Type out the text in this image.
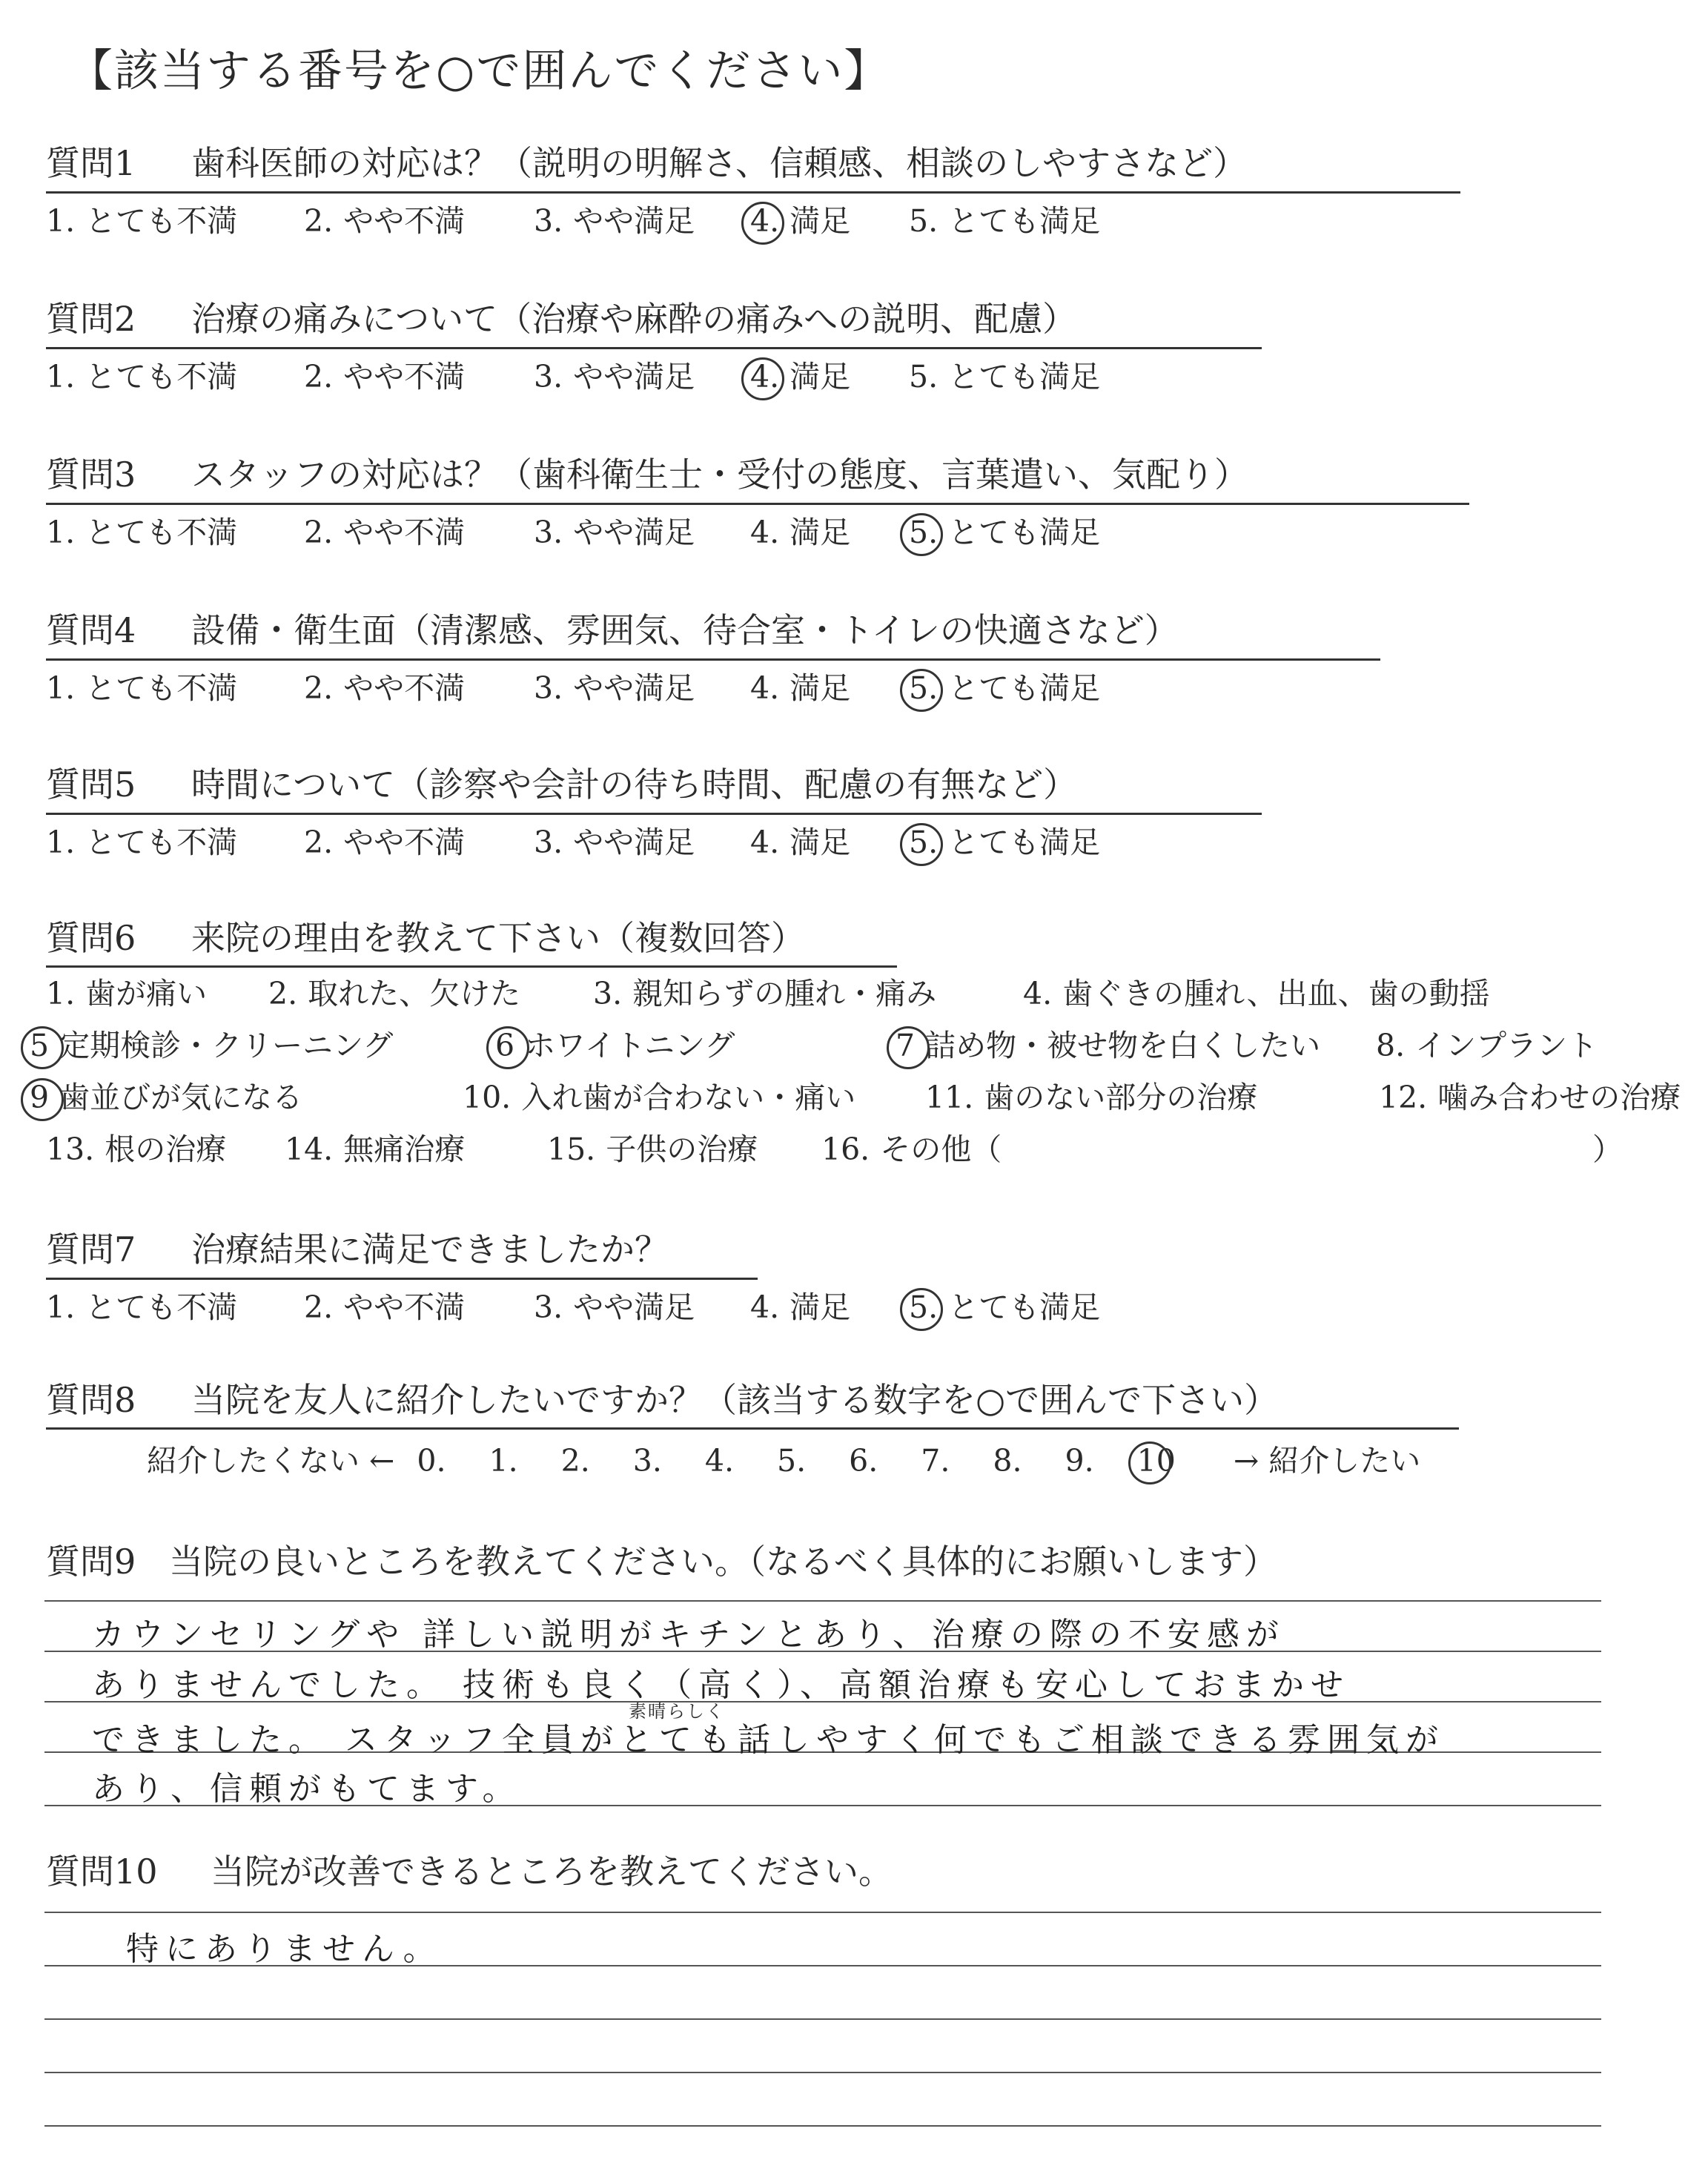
【該当する番号を○で囲んでください】
質問1 歯科医師の対応は？（説明の明解さ、信頼感、相談のしやすさなど）
1. とても不満	2. やや不満	3. やや満足	4. 満足	5. とても満足
質問2 治療の痛みについて（治療や麻酔の痛みへの説明、配慮）
1. とても不満	2. やや不満	3. やや満足	4. 満足	5. とても満足
質問3 スタッフの対応は？（歯科衛生士・受付の態度、言葉遣い、気配り）
1. とても不満	2. やや不満	3. やや満足	4. 満足	5. とても満足
質問4 設備・衛生面（清潔感、雰囲気、待合室・トイレの快適さなど）
1. とても不満	2. やや不満	3. やや満足	4. 満足	5. とても満足
質問5 時間について（診察や会計の待ち時間、配慮の有無など）
1. とても不満	2. やや不満	3. やや満足	4. 満足	5. とても満足
質問6 来院の理由を教えて下さい（複数回答）
1. 歯が痛い	2. 取れた、欠けた	3. 親知らずの腫れ・痛み	4. 歯ぐきの腫れ、出血、歯の動揺
5 定期検診・クリーニング	6 ホワイトニング	7 詰め物・被せ物を白くしたい	8. インプラント
9 歯並びが気になる	10. 入れ歯が合わない・痛い	11. 歯のない部分の治療	12. 噛み合わせの治療
13. 根の治療	14. 無痛治療	15. 子供の治療	16. その他（	）
質問7 治療結果に満足できましたか？
1. とても不満	2. やや不満	3. やや満足	4. 満足	5. とても満足
質問8 当院を友人に紹介したいですか？（該当する数字を○で囲んで下さい）
紹介したくない ← 0. 1. 2. 3. 4. 5. 6. 7. 8. 9. 10 → 紹介したい
質問9 当院の良いところを教えてください。（なるべく具体的にお願いします）
カウンセリングや 詳しい説明がキチンとあり、治療の際の不安感が
ありませんでした。 技術も良く（高く）、高額治療も安心しておまかせ
素晴らしく
できました。 スタッフ全員がとても話しやすく何でもご相談できる雰囲気が
あり、信頼がもてます。
質問10 当院が改善できるところを教えてください。
特にありません。
